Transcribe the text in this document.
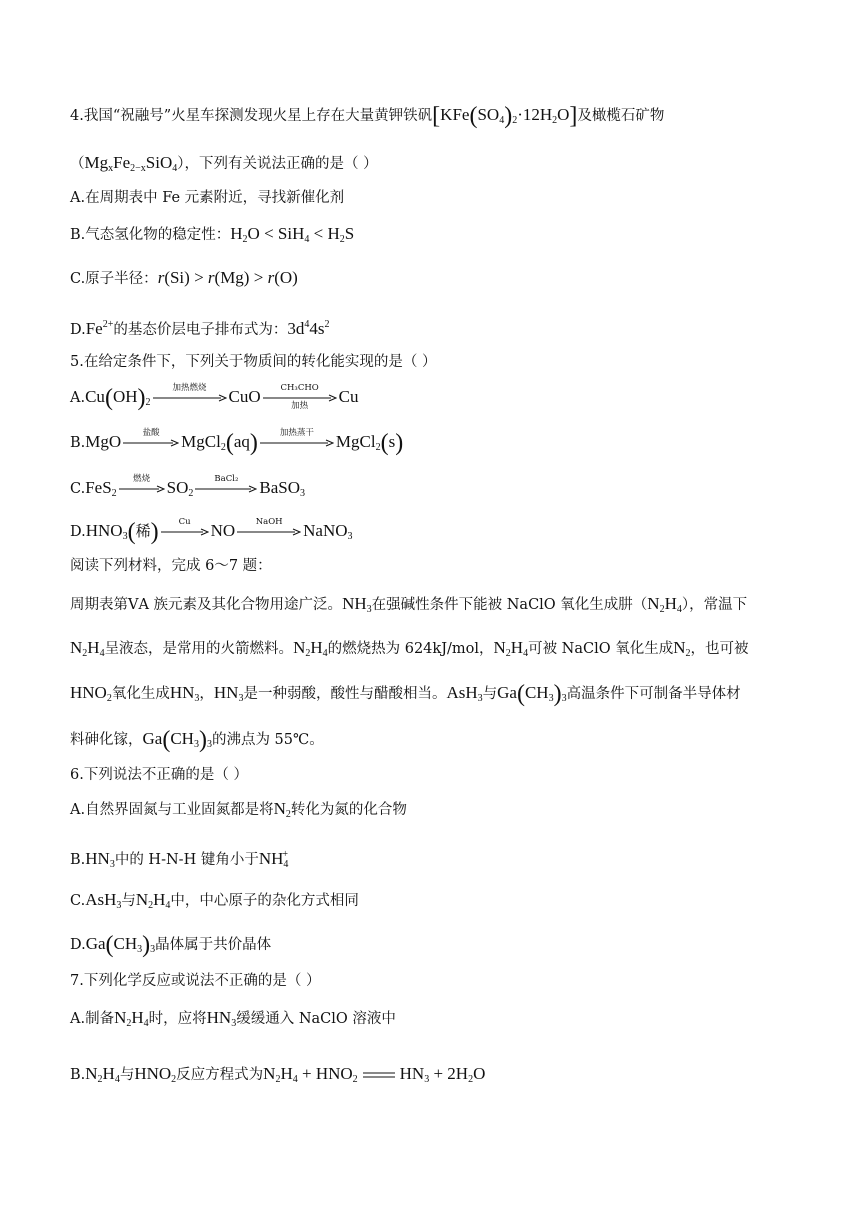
4.我国“祝融号”火星车探测发现火星上存在大量黄钾铁矾$[KFe(SO_4)_2\cdot 12H_2O]$及橄榄石矿物
$(Mg_xFe_{2-x}SiO_4)$，下列有关说法正确的是（ ）
A.在周期表中 Fe 元素附近，寻找新催化剂
B.气态氢化物的稳定性：$H_2O < SiH_4 < H_2S$
C.原子半径：r(Si) > r(Mg) > r(O)
$D.Fe^{2+}$的基态价层电子排布式为：$3d^44s^2$
5.在给定条件下，下列关于物质间的转化能实现的是（ ）
$A.Cu(OH)_2$
加热燃烧	CuO	CH₃CHO
加热	Cu
B.MgO	盐酸	MgCl$_2$(aq)	加热蒸干	MgCl$_2$(s)
C.FeS$_2$
燃烧 $SO_2$
BaCl₂	BaSO$_3$
$D.HNO_3$(稀)	Cu	NO	NaOH	NaNO$_3$
阅读下列材料，完成 6～7 题：
周期表第ⅤA 族元素及其化合物用途广泛。$NH_3$在强碱性条件下能被 NaClO 氧化生成肼$(N_2H_4)$，常温下
$N_2H_4$呈液态，是常用的火箭燃料。$N_2H_4$的燃烧热为 624kJ/mol，$N_2H_4$可被 NaClO 氧化生成$N_2$，也可被
$HNO_2$氧化生成$HN_3$，$HN_3$是一种弱酸，酸性与醋酸相当。AsH$_3$与$Ga(CH_3)_3$高温条件下可制备半导体材
料砷化镓，$Ga(CH_3)_3$的沸点为 55℃。
6.下列说法不正确的是（ ）
A.自然界固氮与工业固氮都是将$N_2$转化为氮的化合物
$B.HN_3$中的 H-N-H 键角小于$NH_4^+$
C.AsH$_3$与$N_2H_4$中，中心原子的杂化方式相同
$D.Ga(CH_3)_3$晶体属于共价晶体
7.下列化学反应或说法不正确的是（ ）
A.制备$N_2H_4$时，应将$HN_3$缓缓通入 NaClO 溶液中
$B.N_2H_4$与$HNO_2$反应方程式为$N_2H_4 + HNO_2$ $HN_3 + 2H_2O$
